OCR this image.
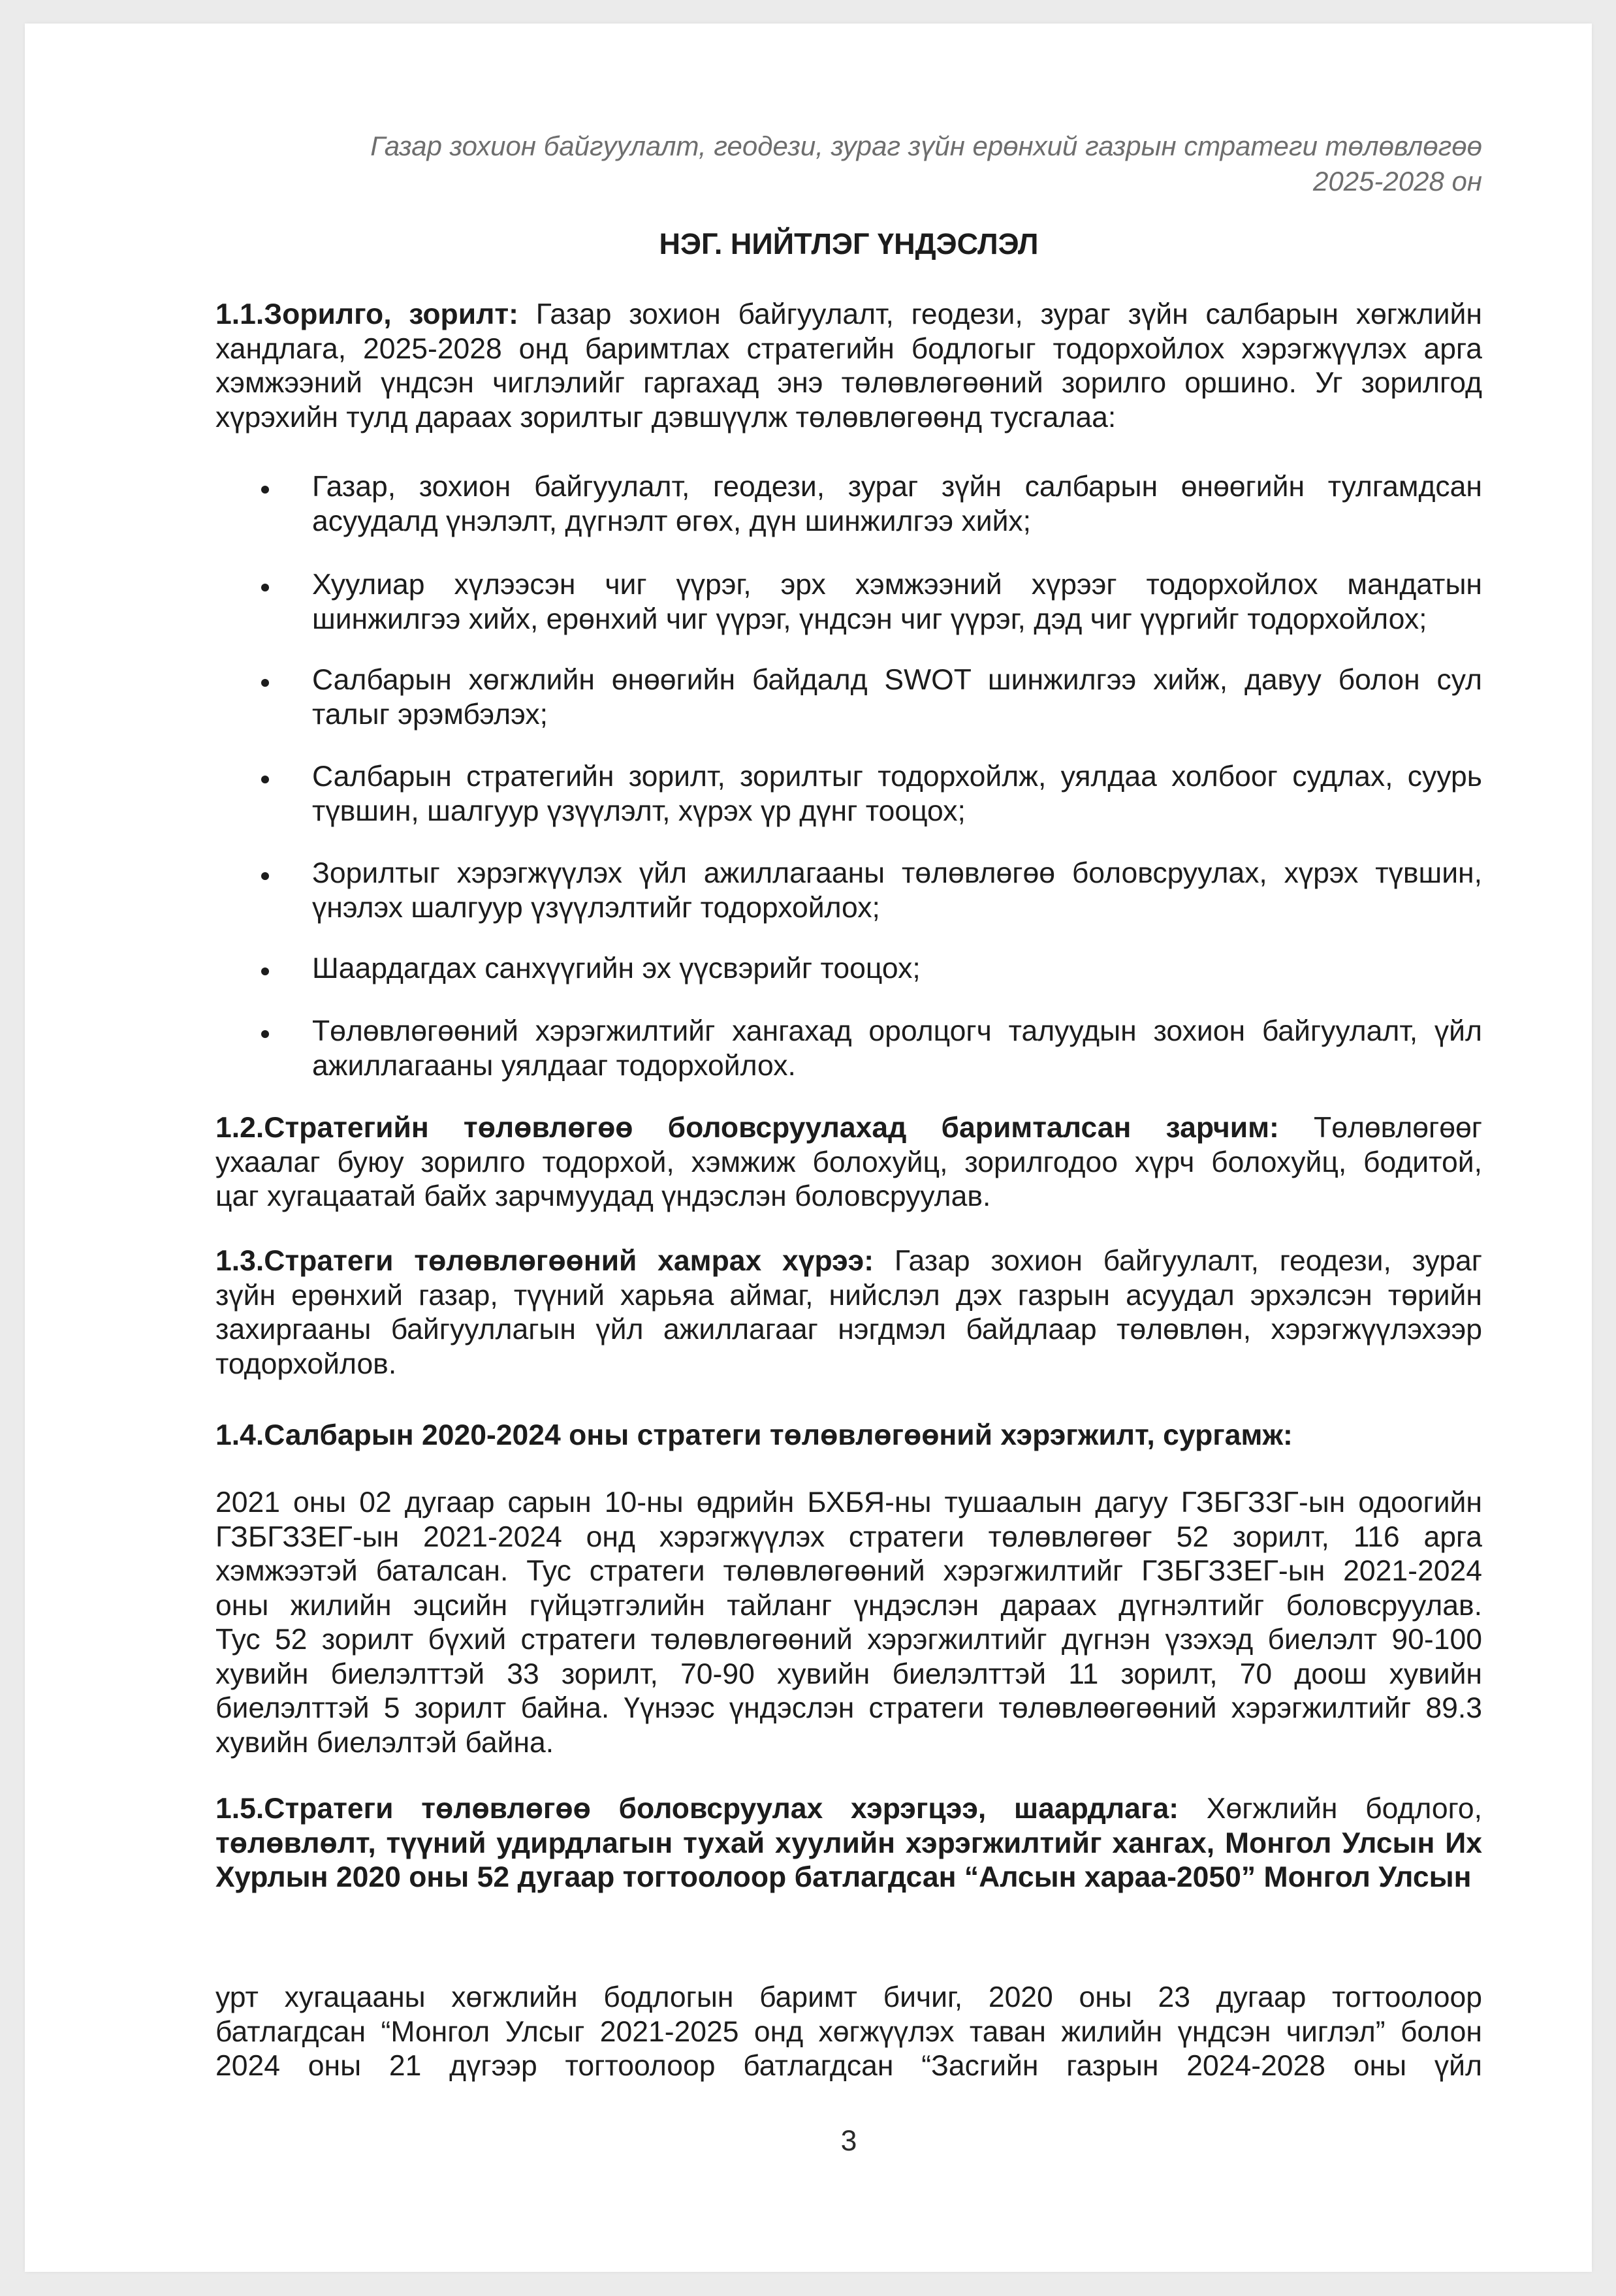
Газар зохион байгуулалт, геодези, зураг зүйн ерөнхий газрын стратеги төлөвлөгөө
2025-2028 он
НЭГ. НИЙТЛЭГ ҮНДЭСЛЭЛ
1.1.Зорилго, зорилт: Газар зохион байгуулалт, геодези, зураг зүйн салбарын хөгжлийн
хандлага, 2025-2028 онд баримтлах стратегийн бодлогыг тодорхойлох хэрэгжүүлэх арга
хэмжээний үндсэн чиглэлийг гаргахад энэ төлөвлөгөөний зорилго оршино. Уг зорилгод
хүрэхийн тулд дараах зорилтыг дэвшүүлж төлөвлөгөөнд тусгалаа:
Газар, зохион байгуулалт, геодези, зураг зүйн салбарын өнөөгийн тулгамдсан
асуудалд үнэлэлт, дүгнэлт өгөх, дүн шинжилгээ хийх;
Хуулиар хүлээсэн чиг үүрэг, эрх хэмжээний хүрээг тодорхойлох мандатын
шинжилгээ хийх, ерөнхий чиг үүрэг, үндсэн чиг үүрэг, дэд чиг үүргийг тодорхойлох;
Салбарын хөгжлийн өнөөгийн байдалд SWOT шинжилгээ хийж, давуу болон сул
талыг эрэмбэлэх;
Салбарын стратегийн зорилт, зорилтыг тодорхойлж, уялдаа холбоог судлах, суурь
түвшин, шалгуур үзүүлэлт, хүрэх үр дүнг тооцох;
Зорилтыг хэрэгжүүлэх үйл ажиллагааны төлөвлөгөө боловсруулах, хүрэх түвшин,
үнэлэх шалгуур үзүүлэлтийг тодорхойлох;
Шаардагдах санхүүгийн эх үүсвэрийг тооцох;
Төлөвлөгөөний хэрэгжилтийг хангахад оролцогч талуудын зохион байгуулалт, үйл
ажиллагааны уялдааг тодорхойлох.
1.2.Стратегийн төлөвлөгөө боловсруулахад баримталсан зарчим: Төлөвлөгөөг
ухаалаг буюу зорилго тодорхой, хэмжиж болохуйц, зорилгодоо хүрч болохуйц, бодитой,
цаг хугацаатай байх зарчмуудад үндэслэн боловсруулав.
1.3.Стратеги төлөвлөгөөний хамрах хүрээ: Газар зохион байгуулалт, геодези, зураг
зүйн ерөнхий газар, түүний харьяа аймаг, нийслэл дэх газрын асуудал эрхэлсэн төрийн
захиргааны байгууллагын үйл ажиллагааг нэгдмэл байдлаар төлөвлөн, хэрэгжүүлэхээр
тодорхойлов.
1.4.Салбарын 2020-2024 оны стратеги төлөвлөгөөний хэрэгжилт, сургамж:
2021 оны 02 дугаар сарын 10-ны өдрийн БХБЯ-ны тушаалын дагуу ГЗБГЗЗГ-ын одоогийн
ГЗБГЗЗЕГ-ын 2021-2024 онд хэрэгжүүлэх стратеги төлөвлөгөөг 52 зорилт, 116 арга
хэмжээтэй баталсан. Тус стратеги төлөвлөгөөний хэрэгжилтийг ГЗБГЗЗЕГ-ын 2021-2024
оны жилийн эцсийн гүйцэтгэлийн тайланг үндэслэн дараах дүгнэлтийг боловсруулав.
Тус 52 зорилт бүхий стратеги төлөвлөгөөний хэрэгжилтийг дүгнэн үзэхэд биелэлт 90-100
хувийн биелэлттэй 33 зорилт, 70-90 хувийн биелэлттэй 11 зорилт, 70 доош хувийн
биелэлттэй 5 зорилт байна. Үүнээс үндэслэн стратеги төлөвлөөгөөний хэрэгжилтийг 89.3
хувийн биелэлтэй байна.
1.5.Стратеги төлөвлөгөө боловсруулах хэрэгцээ, шаардлага: Хөгжлийн бодлого,
төлөвлөлт, түүний удирдлагын тухай хуулийн хэрэгжилтийг хангах, Монгол Улсын Их
Хурлын 2020 оны 52 дугаар тогтоолоор батлагдсан “Алсын хараа-2050” Монгол Улсын
урт хугацааны хөгжлийн бодлогын баримт бичиг, 2020 оны 23 дугаар тогтоолоор
батлагдсан “Монгол Улсыг 2021-2025 онд хөгжүүлэх таван жилийн үндсэн чиглэл” болон
2024 оны 21 дүгээр тогтоолоор батлагдсан “Засгийн газрын 2024-2028 оны үйл
3
